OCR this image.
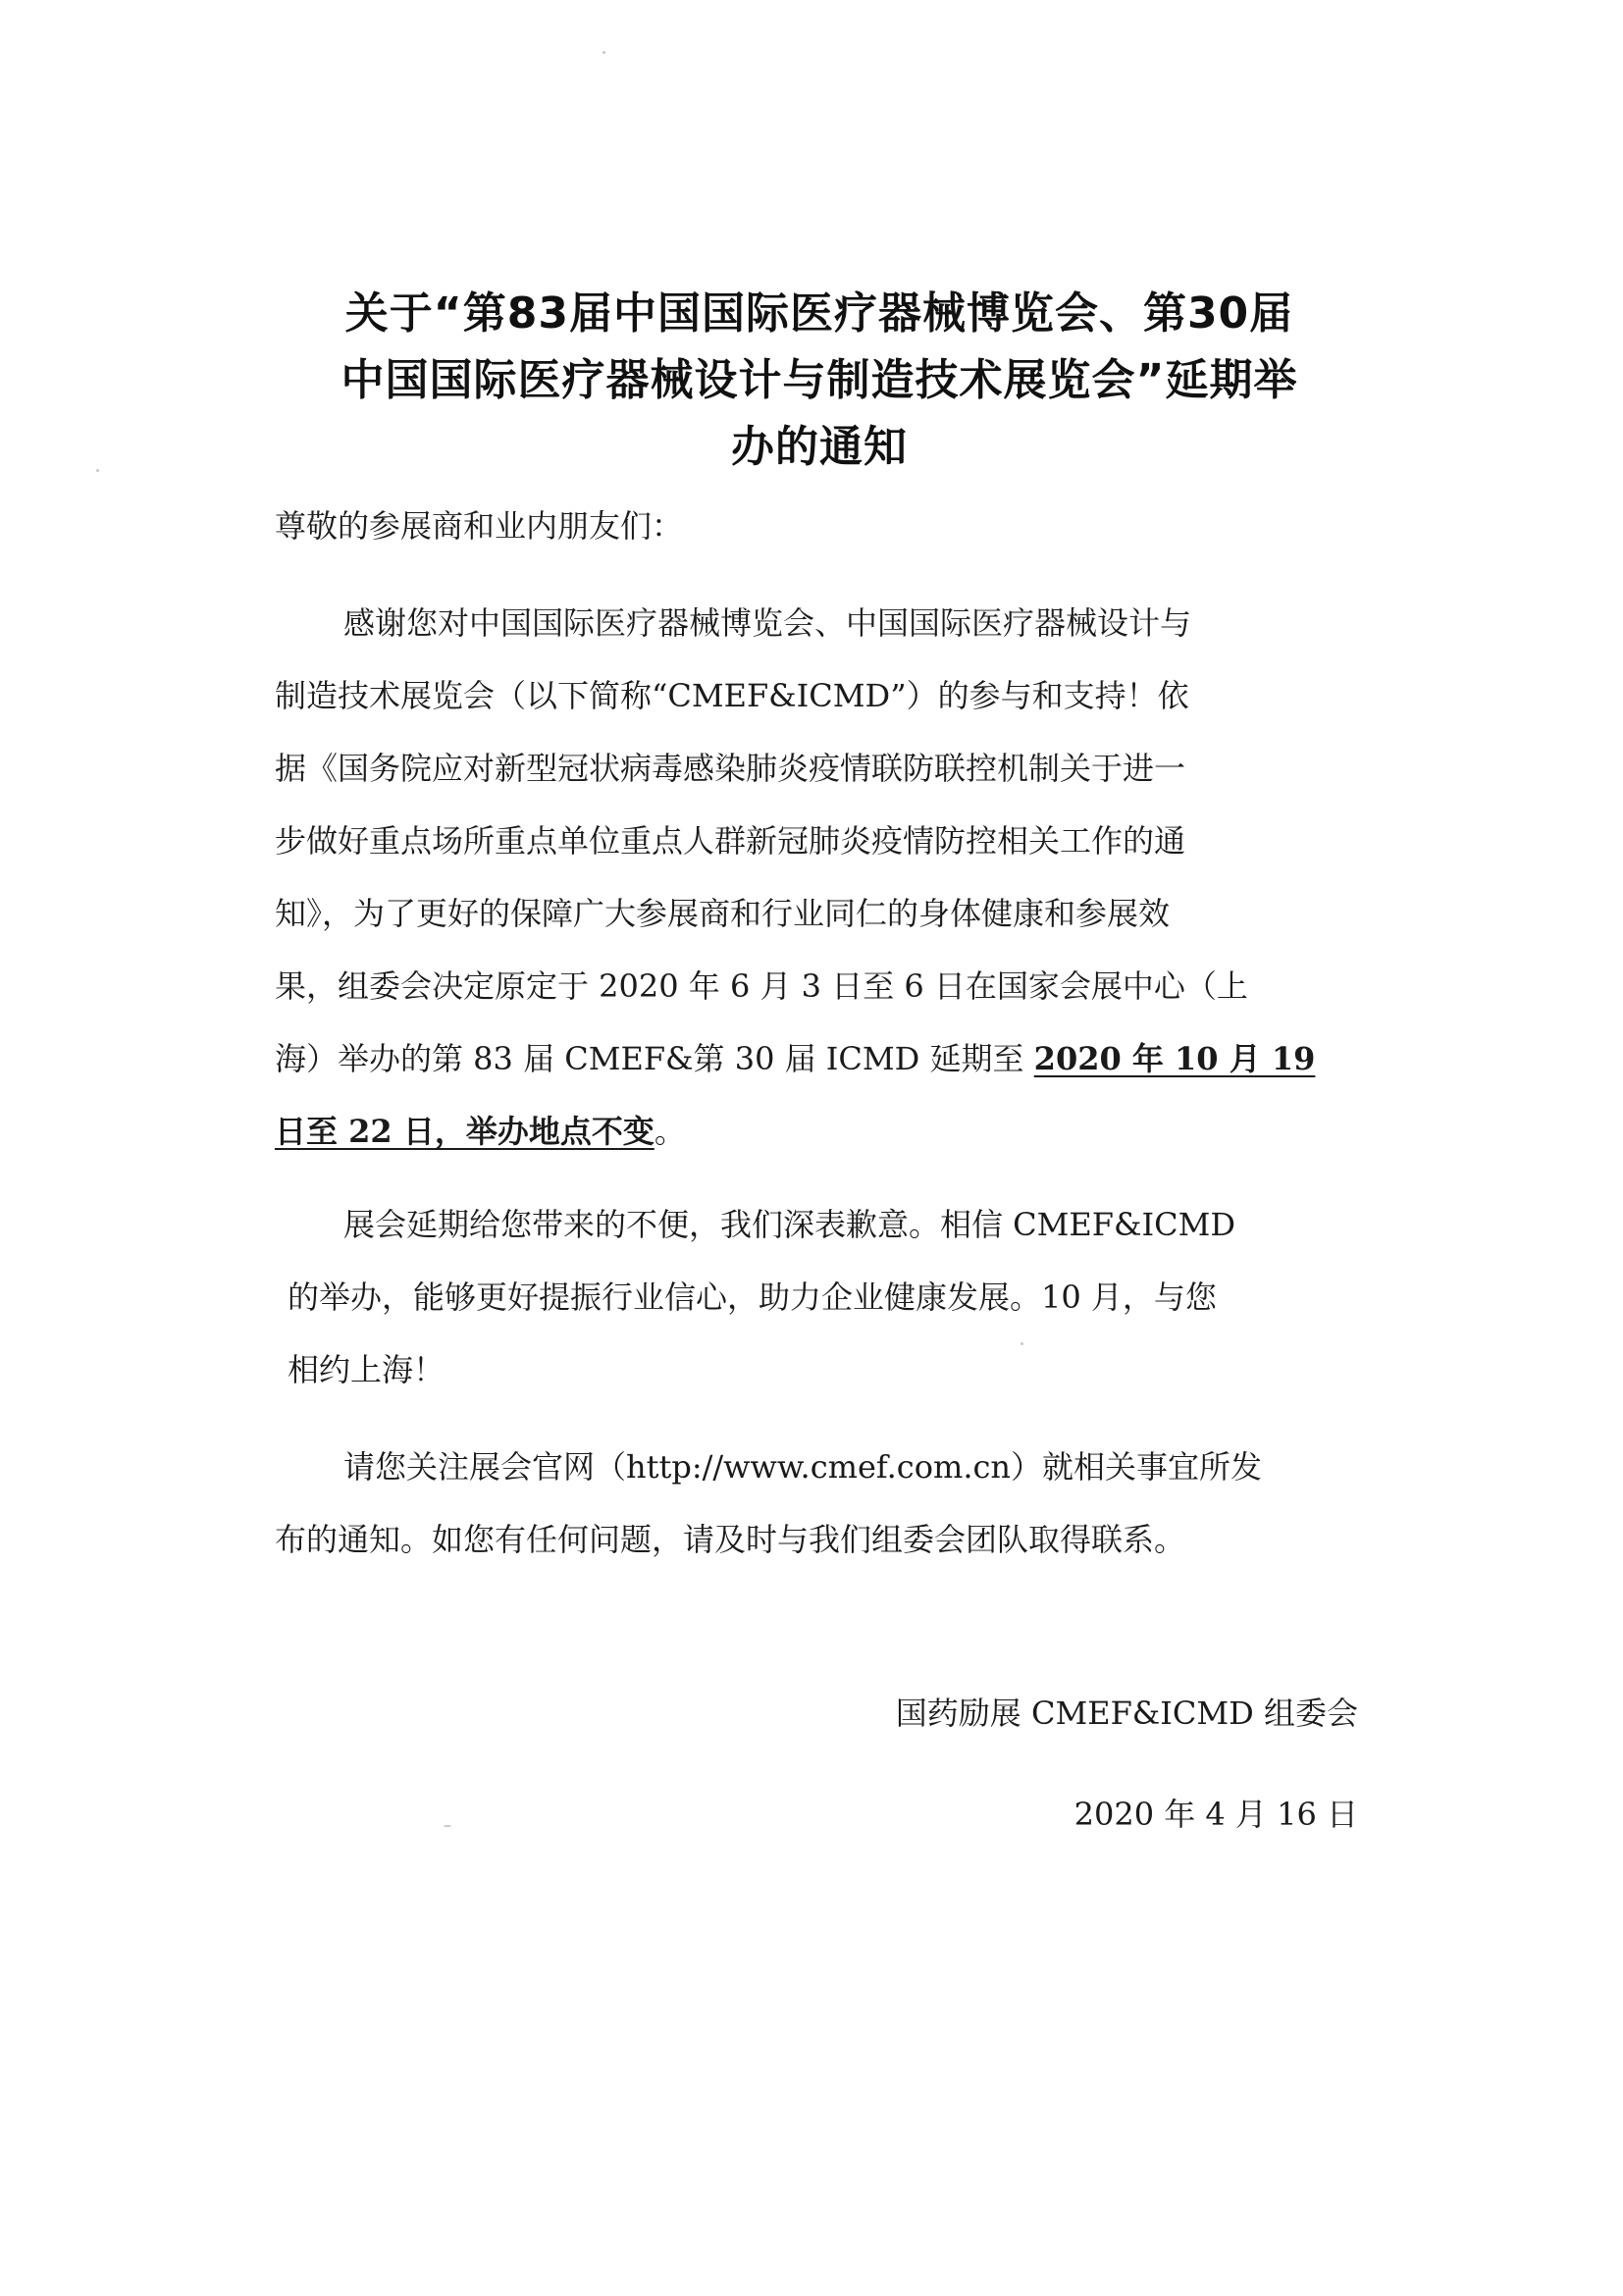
关于“第83届中国国际医疗器械博览会、第30届
中国国际医疗器械设计与制造技术展览会”延期举
办的通知
尊敬的参展商和业内朋友们：
感谢您对中国国际医疗器械博览会、中国国际医疗器械设计与
制造技术展览会（以下简称“CMEF&ICMD”）的参与和支持！依
据《国务院应对新型冠状病毒感染肺炎疫情联防联控机制关于进一
步做好重点场所重点单位重点人群新冠肺炎疫情防控相关工作的通
知》，为了更好的保障广大参展商和行业同仁的身体健康和参展效
果，组委会决定原定于 2020 年 6 月 3 日至 6 日在国家会展中心（上
海）举办的第 83 届 CMEF&第 30 届 ICMD 延期至 2020 年 10 月 19
日至 22 日，举办地点不变。
展会延期给您带来的不便，我们深表歉意。相信 CMEF&ICMD
的举办，能够更好提振行业信心，助力企业健康发展。10 月，与您
相约上海！
请您关注展会官网（http://www.cmef.com.cn）就相关事宜所发
布的通知。如您有任何问题，请及时与我们组委会团队取得联系。
国药励展 CMEF&ICMD 组委会
2020 年 4 月 16 日
